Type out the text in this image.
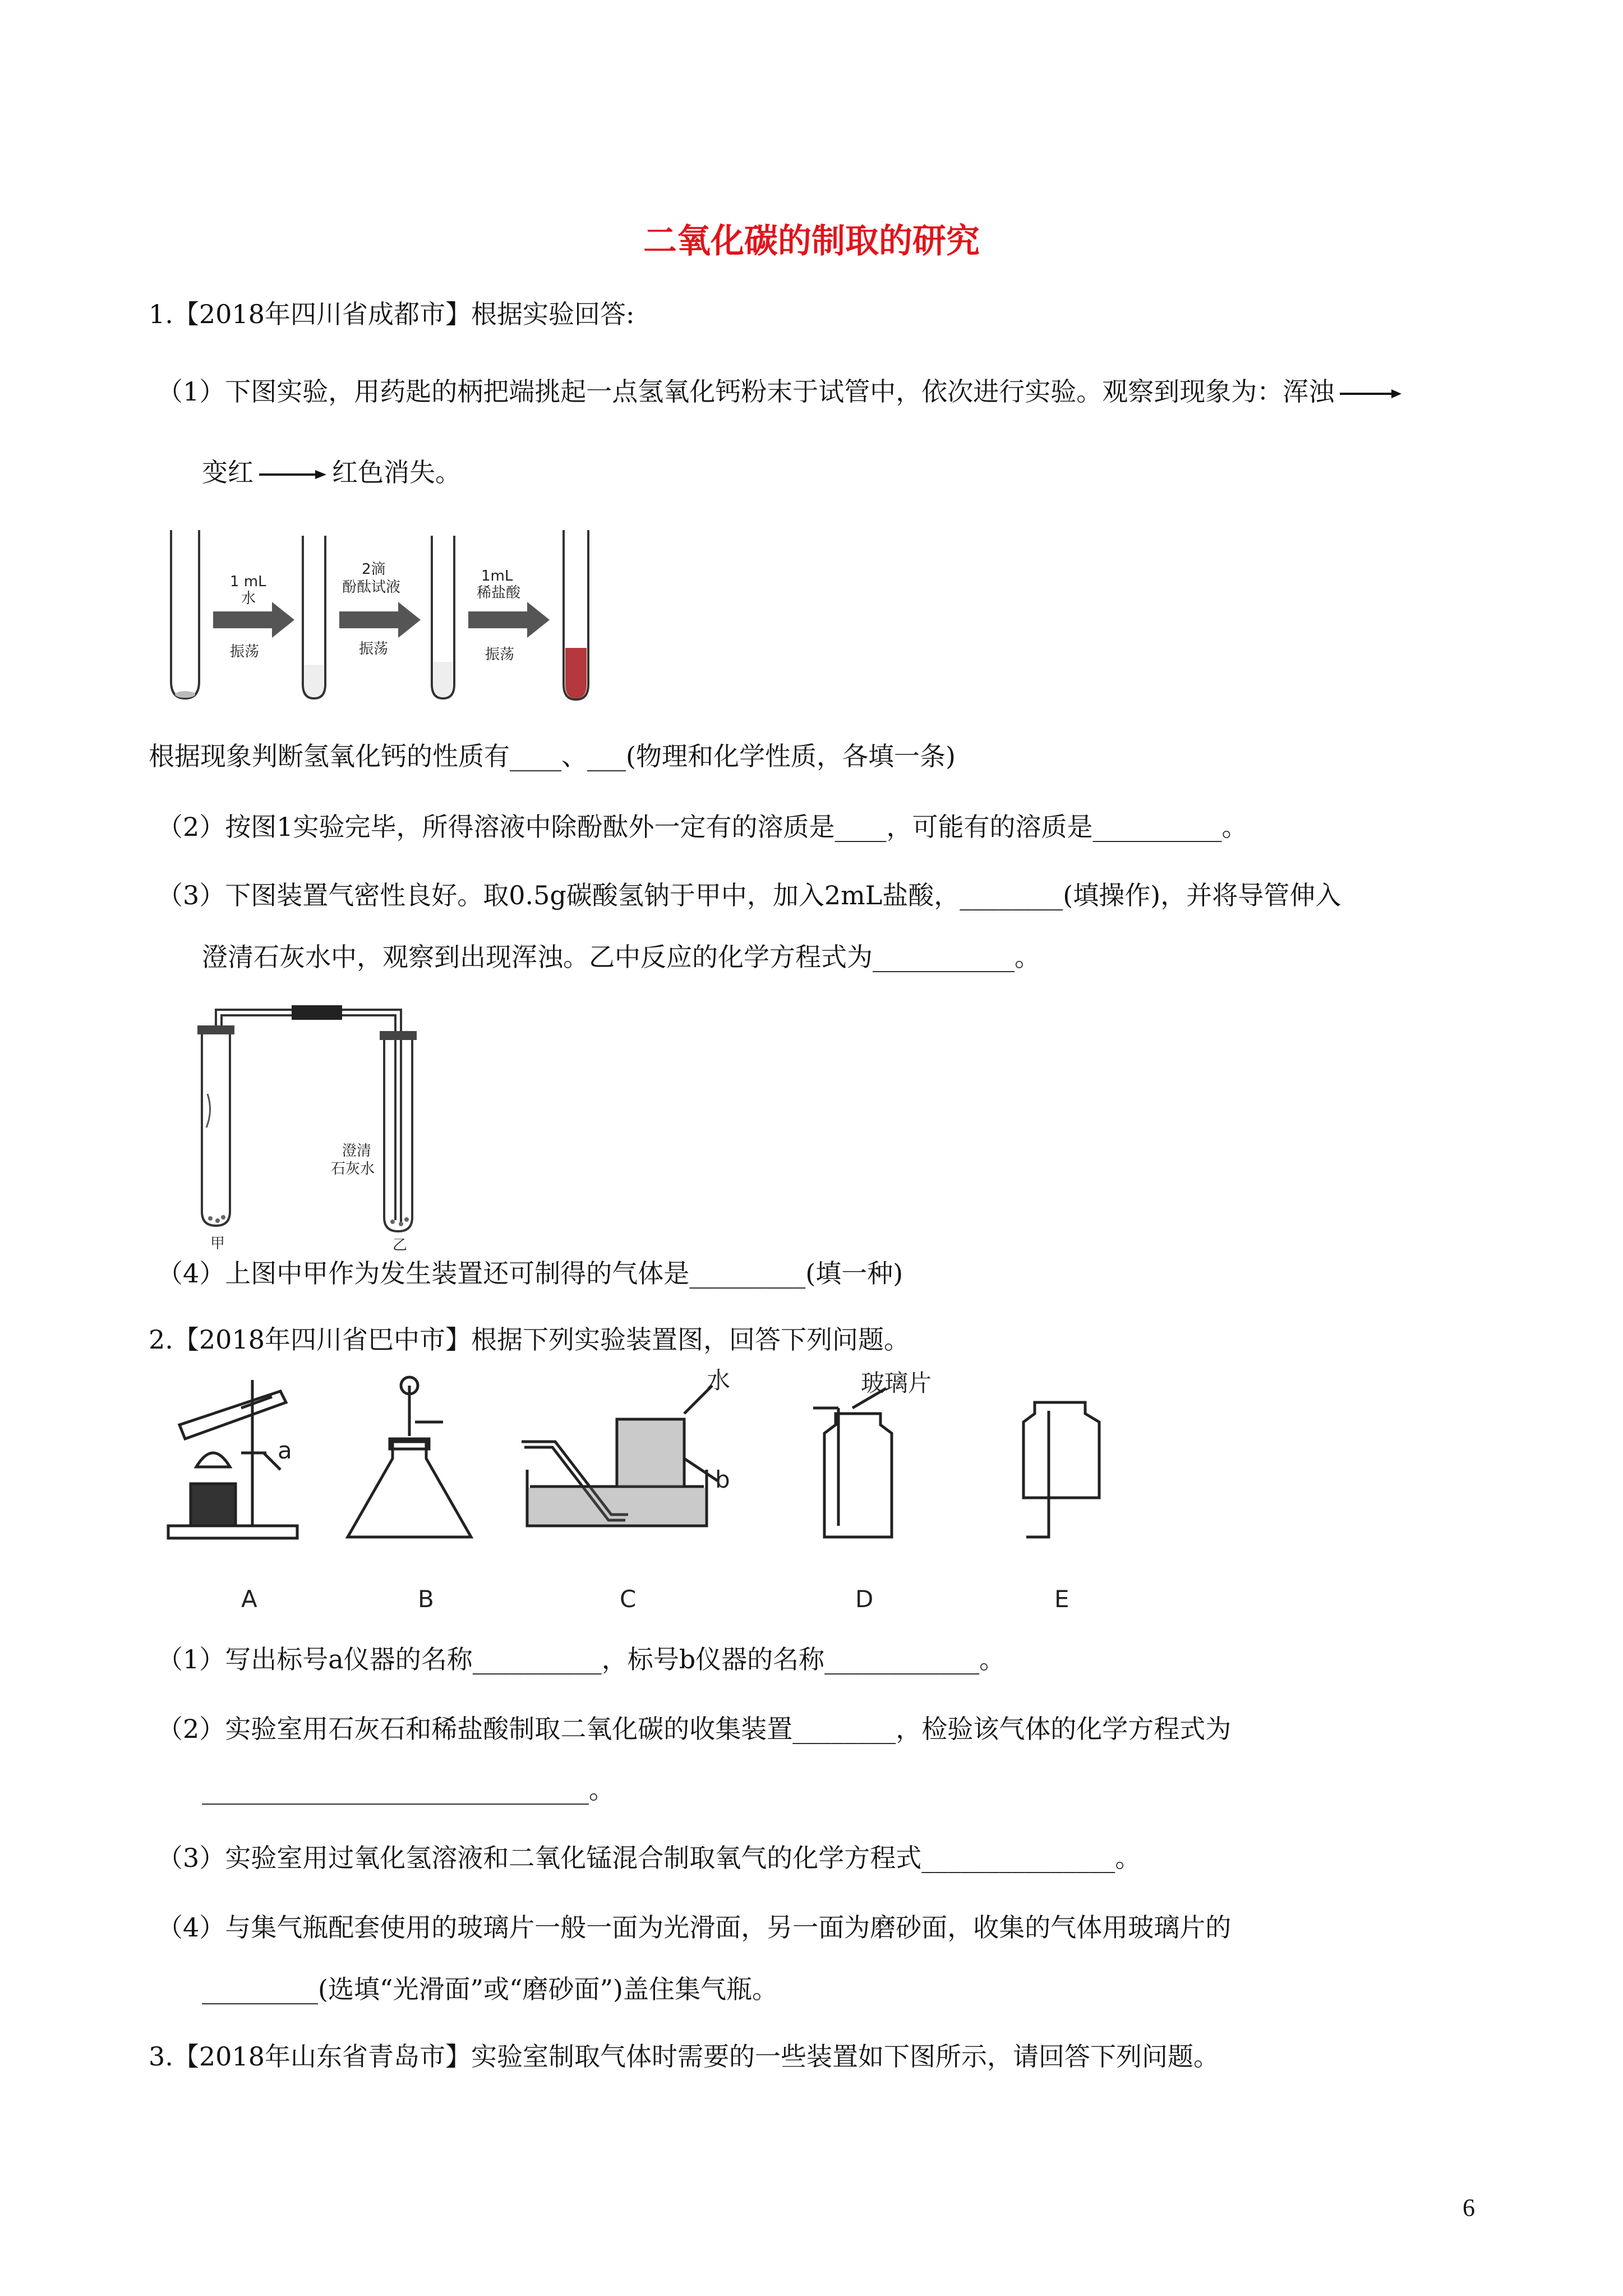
二氧化碳的制取的研究
1.【2018年四川省成都市】根据实验回答:
（1）下图实验，用药匙的柄把端挑起一点氢氧化钙粉末于试管中，依次进行实验。观察到现象为：浑浊
变红	红色消失。
1 mL
水
振荡
2滴
酚酞试液
振荡
1mL
稀盐酸
振荡
根据现象判断氢氧化钙的性质有____、___(物理和化学性质，各填一条)
（2）按图1实验完毕，所得溶液中除酚酞外一定有的溶质是____，可能有的溶质是__________。
（3）下图装置气密性良好。取0.5g碳酸氢钠于甲中，加入2mL盐酸，________(填操作)，并将导管伸入
澄清石灰水中，观察到出现浑浊。乙中反应的化学方程式为___________。
澄清
石灰水
甲	乙
（4）上图中甲作为发生装置还可制得的气体是_________(填一种)
2.【2018年四川省巴中市】根据下列实验装置图，回答下列问题。
a
水
b
玻璃片
A	B	C	D	E
（1）写出标号a仪器的名称__________，标号b仪器的名称____________。
（2）实验室用石灰石和稀盐酸制取二氧化碳的收集装置________，检验该气体的化学方程式为
______________________________。
（3）实验室用过氧化氢溶液和二氧化锰混合制取氧气的化学方程式_______________。
（4）与集气瓶配套使用的玻璃片一般一面为光滑面，另一面为磨砂面，收集的气体用玻璃片的
_________(选填“光滑面”或“磨砂面”)盖住集气瓶。
3.【2018年山东省青岛市】实验室制取气体时需要的一些装置如下图所示，请回答下列问题。
6
